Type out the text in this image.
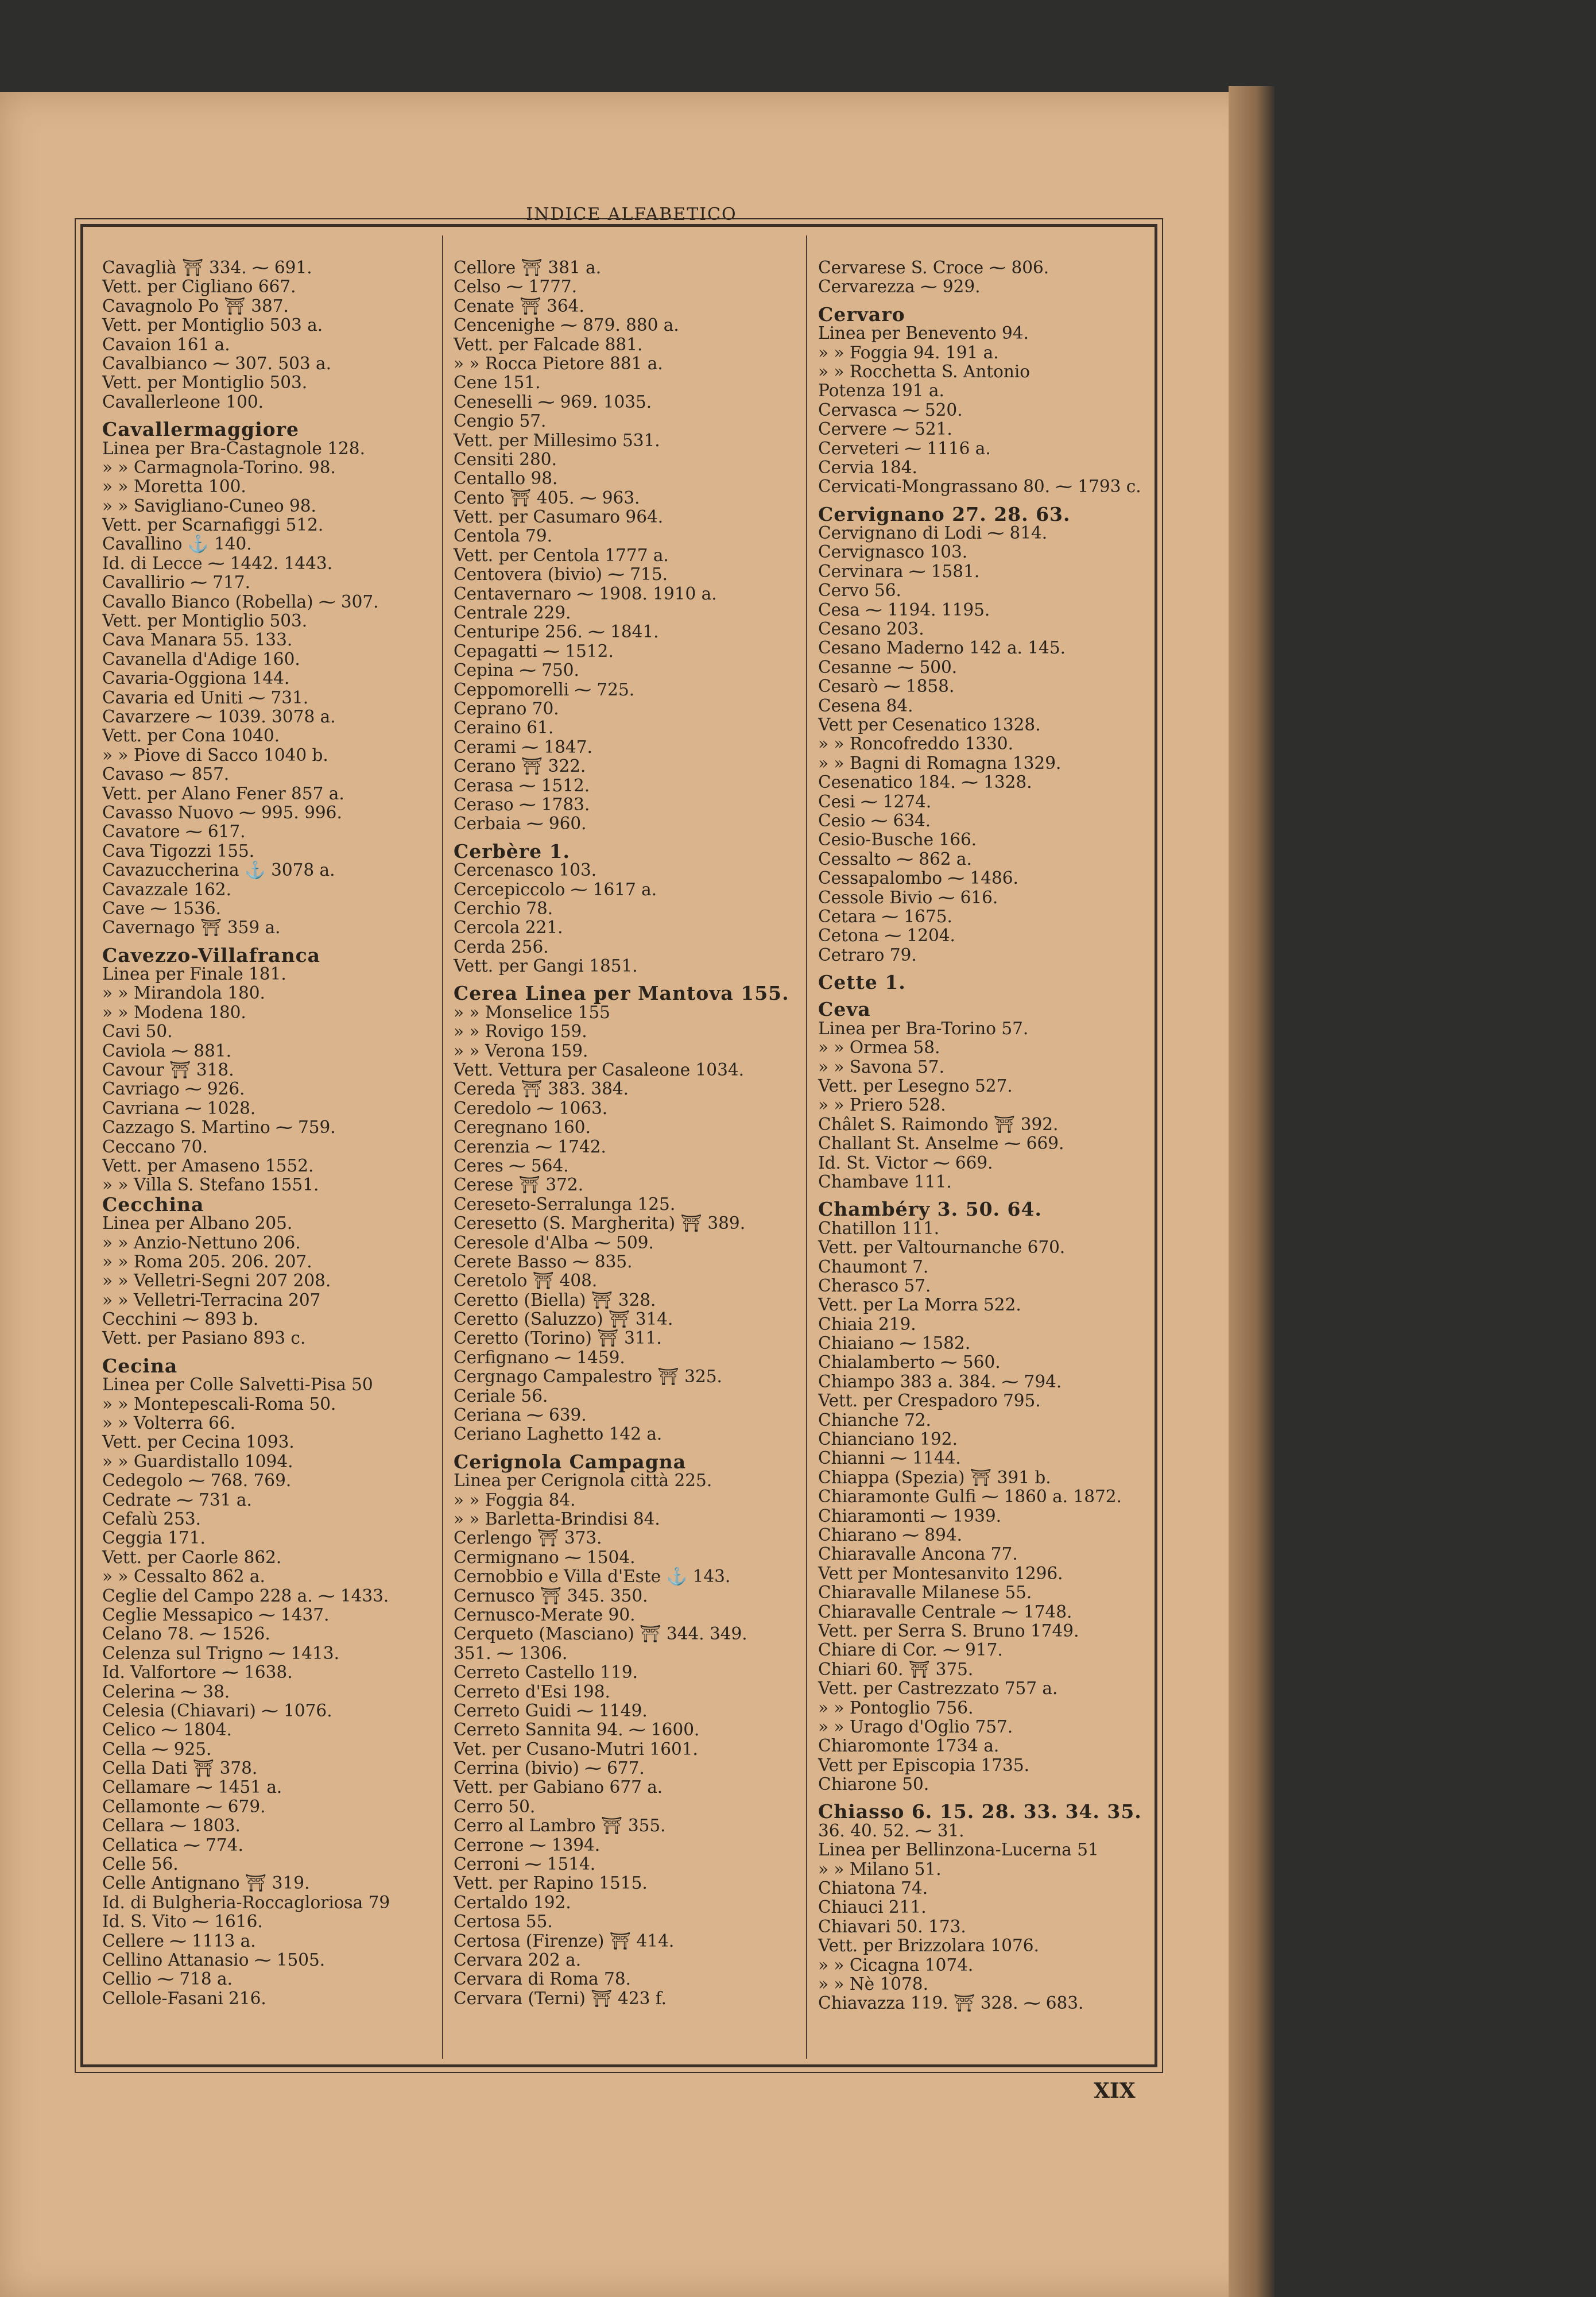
INDICE ALFABETICO
Cavaglià ⛩ 334. ⁓ 691.
Vett. per Cigliano 667.
Cavagnolo Po ⛩ 387.
Vett. per Montiglio 503 a.
Cavaion 161 a.
Cavalbianco ⁓ 307. 503 a.
Vett. per Montiglio 503.
Cavallerleone 100.
Cavallermaggiore
Linea per Bra-Castagnole 128.
» » Carmagnola-Torino. 98.
» » Moretta 100.
» » Savigliano-Cuneo 98.
Vett. per Scarnafiggi 512.
Cavallino ⚓ 140.
Id. di Lecce ⁓ 1442. 1443.
Cavallirio ⁓ 717.
Cavallo Bianco (Robella) ⁓ 307.
Vett. per Montiglio 503.
Cava Manara 55. 133.
Cavanella d'Adige 160.
Cavaria-Oggiona 144.
Cavaria ed Uniti ⁓ 731.
Cavarzere ⁓ 1039. 3078 a.
Vett. per Cona 1040.
» » Piove di Sacco 1040 b.
Cavaso ⁓ 857.
Vett. per Alano Fener 857 a.
Cavasso Nuovo ⁓ 995. 996.
Cavatore ⁓ 617.
Cava Tigozzi 155.
Cavazuccherina ⚓ 3078 a.
Cavazzale 162.
Cave ⁓ 1536.
Cavernago ⛩ 359 a.
Cavezzo-Villafranca
Linea per Finale 181.
» » Mirandola 180.
» » Modena 180.
Cavi 50.
Caviola ⁓ 881.
Cavour ⛩ 318.
Cavriago ⁓ 926.
Cavriana ⁓ 1028.
Cazzago S. Martino ⁓ 759.
Ceccano 70.
Vett. per Amaseno 1552.
» » Villa S. Stefano 1551.
Cecchina
Linea per Albano 205.
» » Anzio-Nettuno 206.
» » Roma 205. 206. 207.
» » Velletri-Segni 207 208.
» » Velletri-Terracina 207
Cecchini ⁓ 893 b.
Vett. per Pasiano 893 c.
Cecina
Linea per Colle Salvetti-Pisa 50
» » Montepescali-Roma 50.
» » Volterra 66.
Vett. per Cecina 1093.
» » Guardistallo 1094.
Cedegolo ⁓ 768. 769.
Cedrate ⁓ 731 a.
Cefalù 253.
Ceggia 171.
Vett. per Caorle 862.
» » Cessalto 862 a.
Ceglie del Campo 228 a. ⁓ 1433.
Ceglie Messapico ⁓ 1437.
Celano 78. ⁓ 1526.
Celenza sul Trigno ⁓ 1413.
Id. Valfortore ⁓ 1638.
Celerina ⁓ 38.
Celesia (Chiavari) ⁓ 1076.
Celico ⁓ 1804.
Cella ⁓ 925.
Cella Dati ⛩ 378.
Cellamare ⁓ 1451 a.
Cellamonte ⁓ 679.
Cellara ⁓ 1803.
Cellatica ⁓ 774.
Celle 56.
Celle Antignano ⛩ 319.
Id. di Bulgheria-Roccagloriosa 79
Id. S. Vito ⁓ 1616.
Cellere ⁓ 1113 a.
Cellino Attanasio ⁓ 1505.
Cellio ⁓ 718 a.
Cellole-Fasani 216.
Cellore ⛩ 381 a.
Celso ⁓ 1777.
Cenate ⛩ 364.
Cencenighe ⁓ 879. 880 a.
Vett. per Falcade 881.
» » Rocca Pietore 881 a.
Cene 151.
Ceneselli ⁓ 969. 1035.
Cengio 57.
Vett. per Millesimo 531.
Censiti 280.
Centallo 98.
Cento ⛩ 405. ⁓ 963.
Vett. per Casumaro 964.
Centola 79.
Vett. per Centola 1777 a.
Centovera (bivio) ⁓ 715.
Centavernaro ⁓ 1908. 1910 a.
Centrale 229.
Centuripe 256. ⁓ 1841.
Cepagatti ⁓ 1512.
Cepina ⁓ 750.
Ceppomorelli ⁓ 725.
Ceprano 70.
Ceraino 61.
Cerami ⁓ 1847.
Cerano ⛩ 322.
Cerasa ⁓ 1512.
Ceraso ⁓ 1783.
Cerbaia ⁓ 960.
Cerbère 1.
Cercenasco 103.
Cercepiccolo ⁓ 1617 a.
Cerchio 78.
Cercola 221.
Cerda 256.
Vett. per Gangi 1851.
Cerea Linea per Mantova 155.
» » Monselice 155
» » Rovigo 159.
» » Verona 159.
Vett. Vettura per Casaleone 1034.
Cereda ⛩ 383. 384.
Ceredolo ⁓ 1063.
Ceregnano 160.
Cerenzia ⁓ 1742.
Ceres ⁓ 564.
Cerese ⛩ 372.
Cereseto-Serralunga 125.
Ceresetto (S. Margherita) ⛩ 389.
Ceresole d'Alba ⁓ 509.
Cerete Basso ⁓ 835.
Ceretolo ⛩ 408.
Ceretto (Biella) ⛩ 328.
Ceretto (Saluzzo) ⛩ 314.
Ceretto (Torino) ⛩ 311.
Cerfignano ⁓ 1459.
Cergnago Campalestro ⛩ 325.
Ceriale 56.
Ceriana ⁓ 639.
Ceriano Laghetto 142 a.
Cerignola Campagna
Linea per Cerignola città 225.
» » Foggia 84.
» » Barletta-Brindisi 84.
Cerlengo ⛩ 373.
Cermignano ⁓ 1504.
Cernobbio e Villa d'Este ⚓ 143.
Cernusco ⛩ 345. 350.
Cernusco-Merate 90.
Cerqueto (Masciano) ⛩ 344. 349.
351. ⁓ 1306.
Cerreto Castello 119.
Cerreto d'Esi 198.
Cerreto Guidi ⁓ 1149.
Cerreto Sannita 94. ⁓ 1600.
Vet. per Cusano-Mutri 1601.
Cerrina (bivio) ⁓ 677.
Vett. per Gabiano 677 a.
Cerro 50.
Cerro al Lambro ⛩ 355.
Cerrone ⁓ 1394.
Cerroni ⁓ 1514.
Vett. per Rapino 1515.
Certaldo 192.
Certosa 55.
Certosa (Firenze) ⛩ 414.
Cervara 202 a.
Cervara di Roma 78.
Cervara (Terni) ⛩ 423 f.
Cervarese S. Croce ⁓ 806.
Cervarezza ⁓ 929.
Cervaro
Linea per Benevento 94.
» » Foggia 94. 191 a.
» » Rocchetta S. Antonio
Potenza 191 a.
Cervasca ⁓ 520.
Cervere ⁓ 521.
Cerveteri ⁓ 1116 a.
Cervia 184.
Cervicati-Mongrassano 80. ⁓ 1793 c.
Cervignano 27. 28. 63.
Cervignano di Lodi ⁓ 814.
Cervignasco 103.
Cervinara ⁓ 1581.
Cervo 56.
Cesa ⁓ 1194. 1195.
Cesano 203.
Cesano Maderno 142 a. 145.
Cesanne ⁓ 500.
Cesarò ⁓ 1858.
Cesena 84.
Vett per Cesenatico 1328.
» » Roncofreddo 1330.
» » Bagni di Romagna 1329.
Cesenatico 184. ⁓ 1328.
Cesi ⁓ 1274.
Cesio ⁓ 634.
Cesio-Busche 166.
Cessalto ⁓ 862 a.
Cessapalombo ⁓ 1486.
Cessole Bivio ⁓ 616.
Cetara ⁓ 1675.
Cetona ⁓ 1204.
Cetraro 79.
Cette 1.
Ceva
Linea per Bra-Torino 57.
» » Ormea 58.
» » Savona 57.
Vett. per Lesegno 527.
» » Priero 528.
Châlet S. Raimondo ⛩ 392.
Challant St. Anselme ⁓ 669.
Id. St. Victor ⁓ 669.
Chambave 111.
Chambéry 3. 50. 64.
Chatillon 111.
Vett. per Valtournanche 670.
Chaumont 7.
Cherasco 57.
Vett. per La Morra 522.
Chiaia 219.
Chiaiano ⁓ 1582.
Chialamberto ⁓ 560.
Chiampo 383 a. 384. ⁓ 794.
Vett. per Crespadoro 795.
Chianche 72.
Chianciano 192.
Chianni ⁓ 1144.
Chiappa (Spezia) ⛩ 391 b.
Chiaramonte Gulfi ⁓ 1860 a. 1872.
Chiaramonti ⁓ 1939.
Chiarano ⁓ 894.
Chiaravalle Ancona 77.
Vett per Montesanvito 1296.
Chiaravalle Milanese 55.
Chiaravalle Centrale ⁓ 1748.
Vett. per Serra S. Bruno 1749.
Chiare di Cor. ⁓ 917.
Chiari 60. ⛩ 375.
Vett. per Castrezzato 757 a.
» » Pontoglio 756.
» » Urago d'Oglio 757.
Chiaromonte 1734 a.
Vett per Episcopia 1735.
Chiarone 50.
Chiasso 6. 15. 28. 33. 34. 35.
36. 40. 52. ⁓ 31.
Linea per Bellinzona-Lucerna 51
» » Milano 51.
Chiatona 74.
Chiauci 211.
Chiavari 50. 173.
Vett. per Brizzolara 1076.
» » Cicagna 1074.
» » Nè 1078.
Chiavazza 119. ⛩ 328. ⁓ 683.
XIX
